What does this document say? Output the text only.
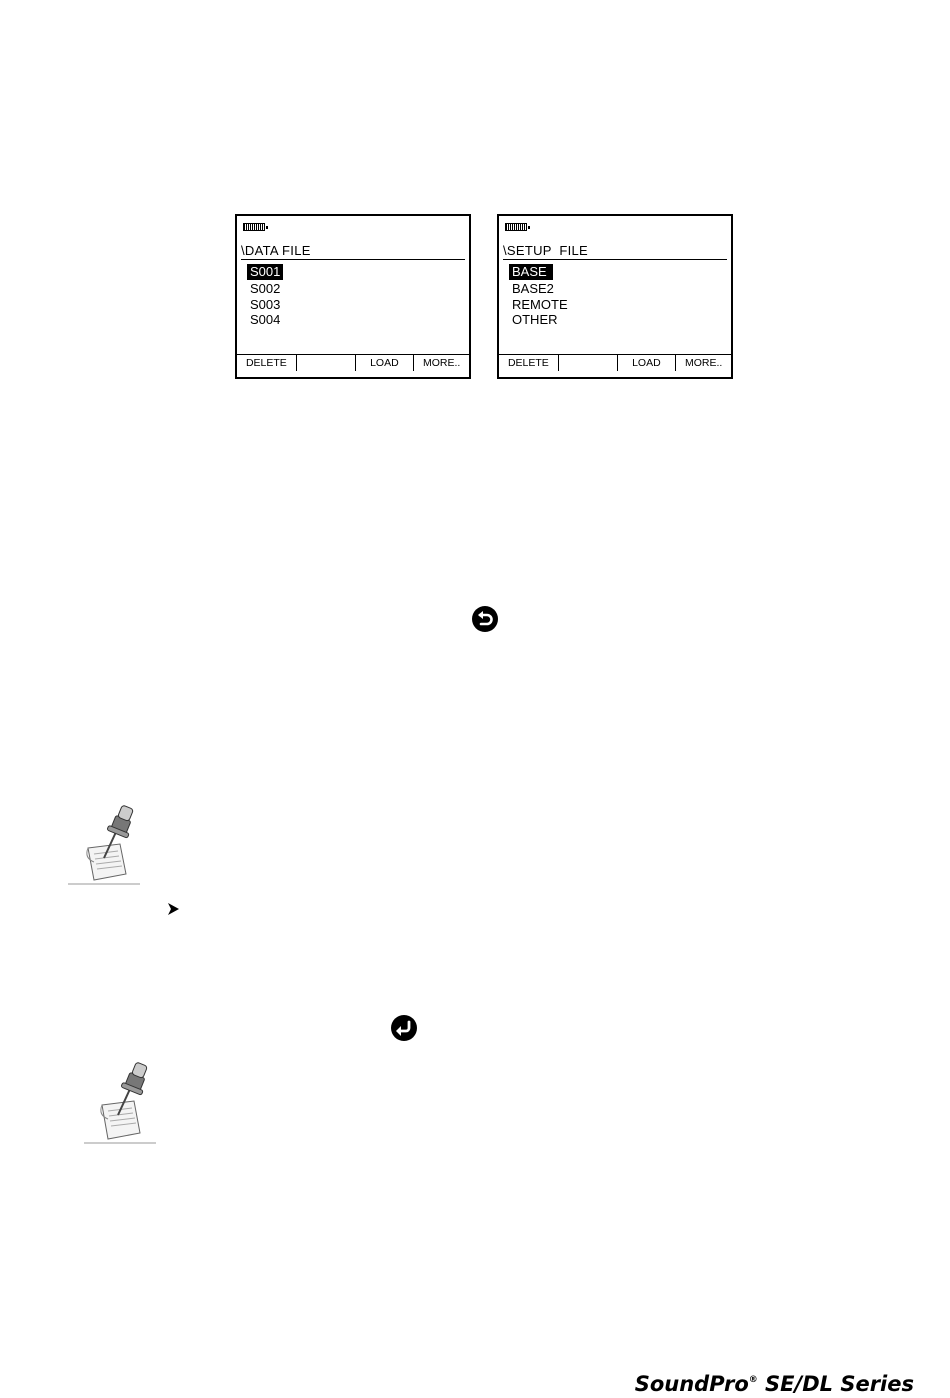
\DATA FILE
S001

S002
S003
S004
DELETE	LOAD	MORE..
\SETUP  FILE
BASE

BASE2
REMOTE
OTHER
DELETE	LOAD	MORE..
SoundPro® SE/DL Series
